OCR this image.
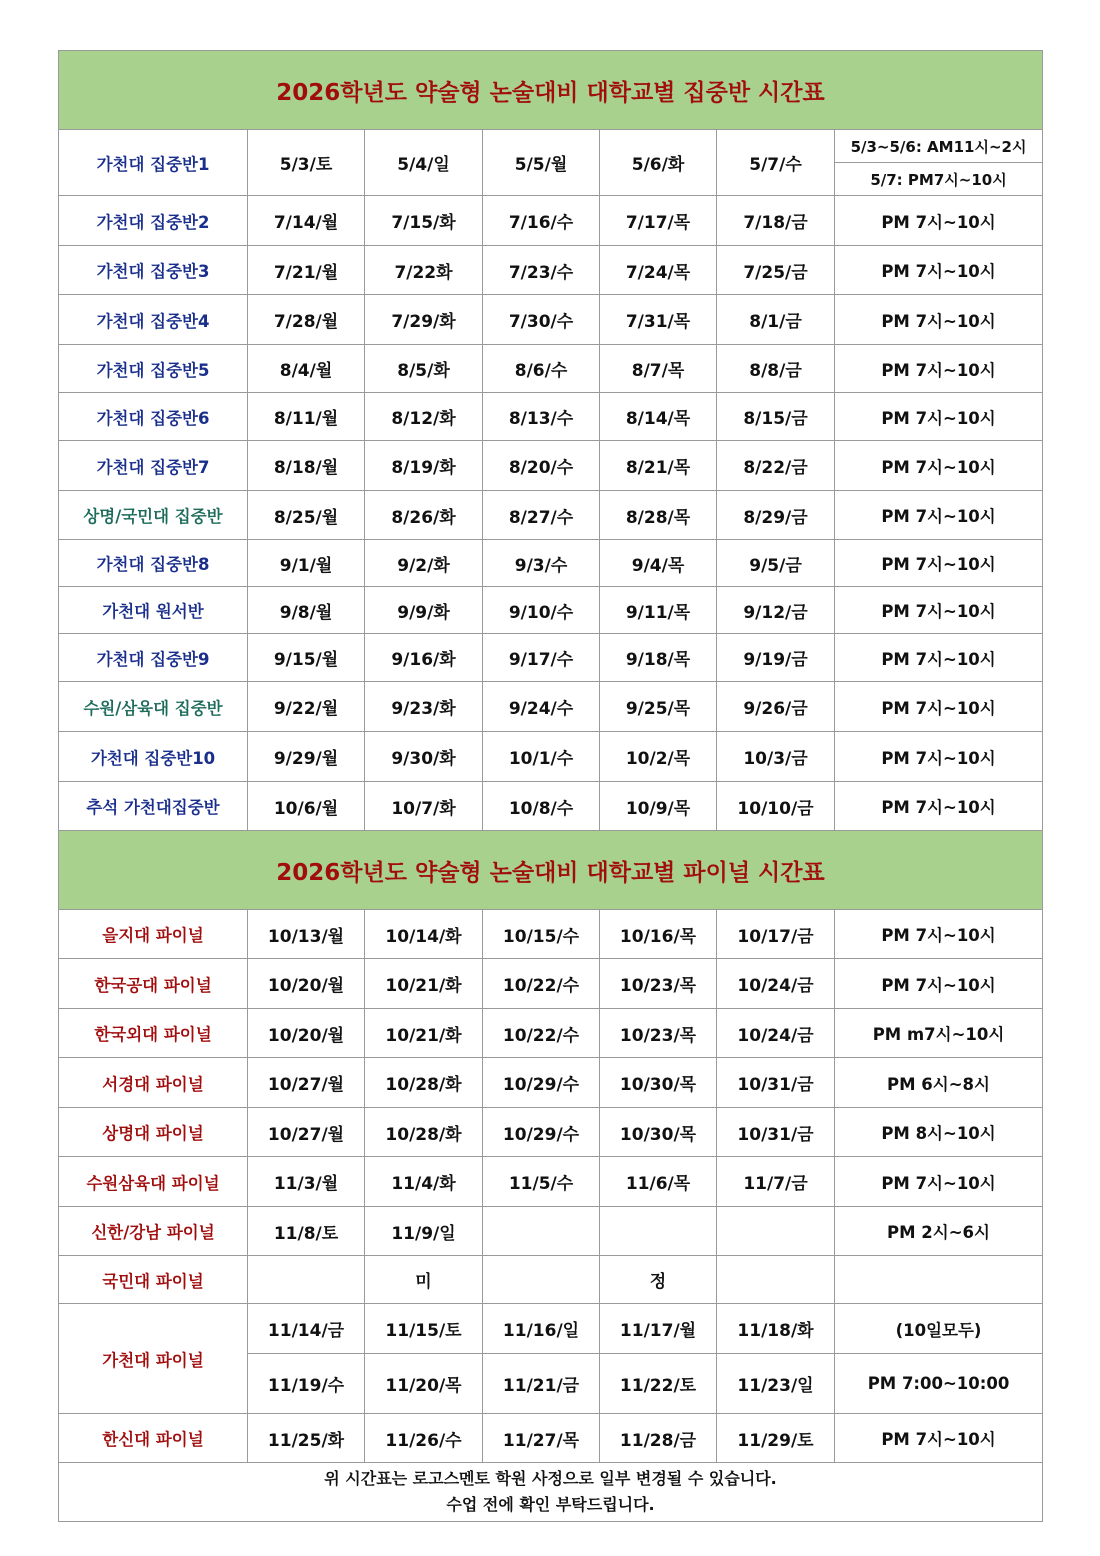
2026학년도 약술형 논술대비 대학교별 집중반 시간표						
가천대 집중반1	5/3/토	5/4/일	5/5/월	5/6/화	5/7/수	5/3~5/6: AM11시~2시
						5/7: PM7시~10시
가천대 집중반2	7/14/월	7/15/화	7/16/수	7/17/목	7/18/금	PM 7시~10시
가천대 집중반3	7/21/월	7/22화	7/23/수	7/24/목	7/25/금	PM 7시~10시
가천대 집중반4	7/28/월	7/29/화	7/30/수	7/31/목	8/1/금	PM 7시~10시
가천대 집중반5	8/4/월	8/5/화	8/6/수	8/7/목	8/8/금	PM 7시~10시
가천대 집중반6	8/11/월	8/12/화	8/13/수	8/14/목	8/15/금	PM 7시~10시
가천대 집중반7	8/18/월	8/19/화	8/20/수	8/21/목	8/22/금	PM 7시~10시
상명/국민대 집중반	8/25/월	8/26/화	8/27/수	8/28/목	8/29/금	PM 7시~10시
가천대 집중반8	9/1/월	9/2/화	9/3/수	9/4/목	9/5/금	PM 7시~10시
가천대 원서반	9/8/월	9/9/화	9/10/수	9/11/목	9/12/금	PM 7시~10시
가천대 집중반9	9/15/월	9/16/화	9/17/수	9/18/목	9/19/금	PM 7시~10시
수원/삼육대 집중반	9/22/월	9/23/화	9/24/수	9/25/목	9/26/금	PM 7시~10시
가천대 집중반10	9/29/월	9/30/화	10/1/수	10/2/목	10/3/금	PM 7시~10시
추석 가천대집중반	10/6/월	10/7/화	10/8/수	10/9/목	10/10/금	PM 7시~10시
2026학년도 약술형 논술대비 대학교별 파이널 시간표						
을지대 파이널	10/13/월	10/14/화	10/15/수	10/16/목	10/17/금	PM 7시~10시
한국공대 파이널	10/20/월	10/21/화	10/22/수	10/23/목	10/24/금	PM 7시~10시
한국외대 파이널	10/20/월	10/21/화	10/22/수	10/23/목	10/24/금	PM m7시~10시
서경대 파이널	10/27/월	10/28/화	10/29/수	10/30/목	10/31/금	PM 6시~8시
상명대 파이널	10/27/월	10/28/화	10/29/수	10/30/목	10/31/금	PM 8시~10시
수원삼육대 파이널	11/3/월	11/4/화	11/5/수	11/6/목	11/7/금	PM 7시~10시
신한/강남 파이널	11/8/토	11/9/일				PM 2시~6시
국민대 파이널		미		정		
가천대 파이널	11/14/금	11/15/토	11/16/일	11/17/월	11/18/화	(10일모두)
	11/19/수	11/20/목	11/21/금	11/22/토	11/23/일	PM 7:00~10:00
한신대 파이널	11/25/화	11/26/수	11/27/목	11/28/금	11/29/토	PM 7시~10시

위 시간표는 로고스멘토 학원 사정으로 일부 변경될 수 있습니다.
수업 전에 확인 부탁드립니다.						
